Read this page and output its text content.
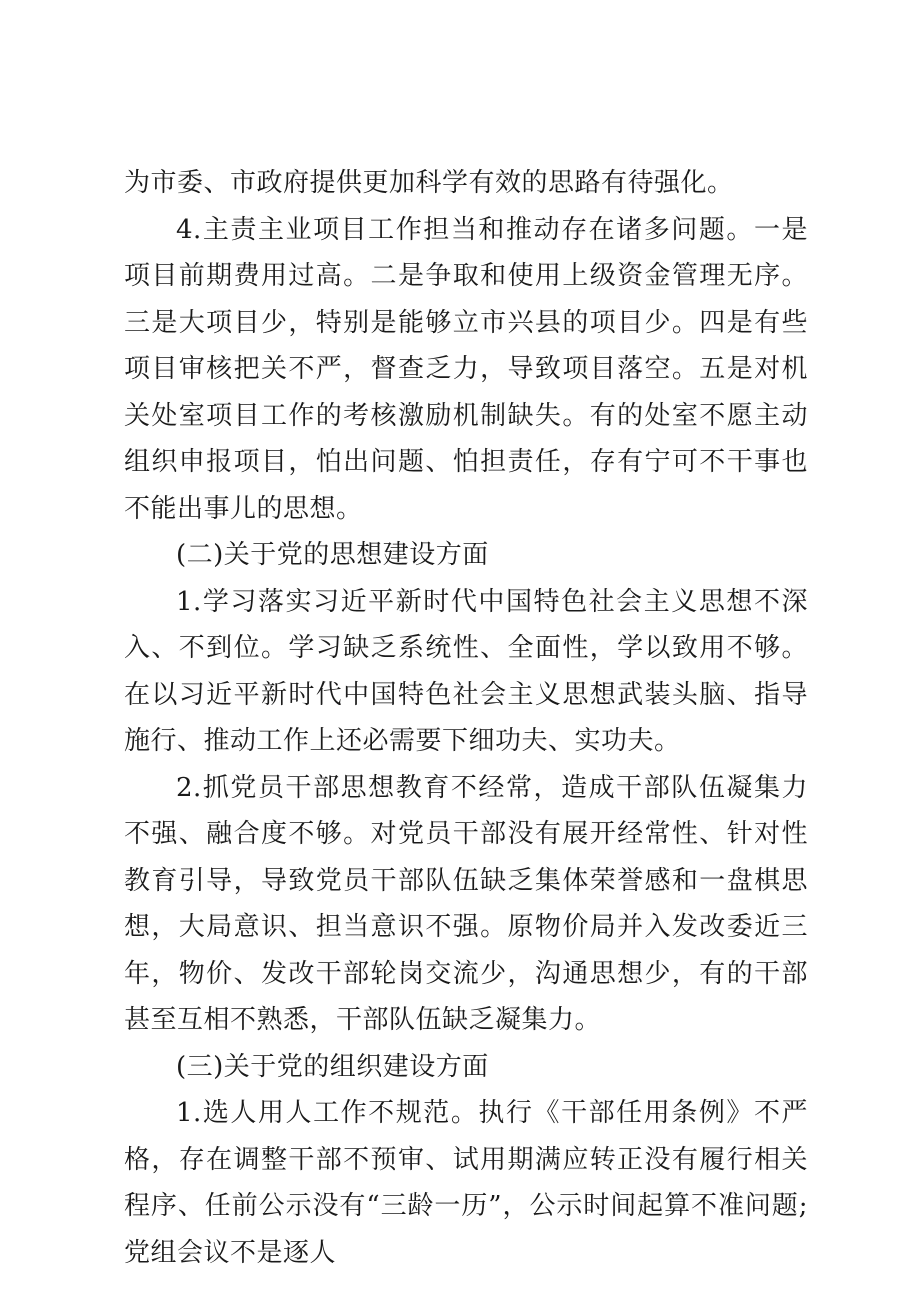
为市委、市政府提供更加科学有效的思路有待强化。

4.主责主业项目工作担当和推动存在诸多问题。一是项目前期费用过高。二是争取和使用上级资金管理无序。三是大项目少，特别是能够立市兴县的项目少。四是有些项目审核把关不严，督查乏力，导致项目落空。五是对机关处室项目工作的考核激励机制缺失。有的处室不愿主动组织申报项目，怕出问题、怕担责任，存有宁可不干事也不能出事儿的思想。

(二)关于党的思想建设方面

1.学习落实习近平新时代中国特色社会主义思想不深入、不到位。学习缺乏系统性、全面性，学以致用不够。在以习近平新时代中国特色社会主义思想武装头脑、指导施行、推动工作上还必需要下细功夫、实功夫。

2.抓党员干部思想教育不经常，造成干部队伍凝集力不强、融合度不够。对党员干部没有展开经常性、针对性教育引导，导致党员干部队伍缺乏集体荣誉感和一盘棋思想，大局意识、担当意识不强。原物价局并入发改委近三年，物价、发改干部轮岗交流少，沟通思想少，有的干部甚至互相不熟悉，干部队伍缺乏凝集力。

(三)关于党的组织建设方面

1.选人用人工作不规范。执行《干部任用条例》不严格，存在调整干部不预审、试用期满应转正没有履行相关程序、任前公示没有“三龄一历”，公示时间起算不准问题;党组会议不是逐人
